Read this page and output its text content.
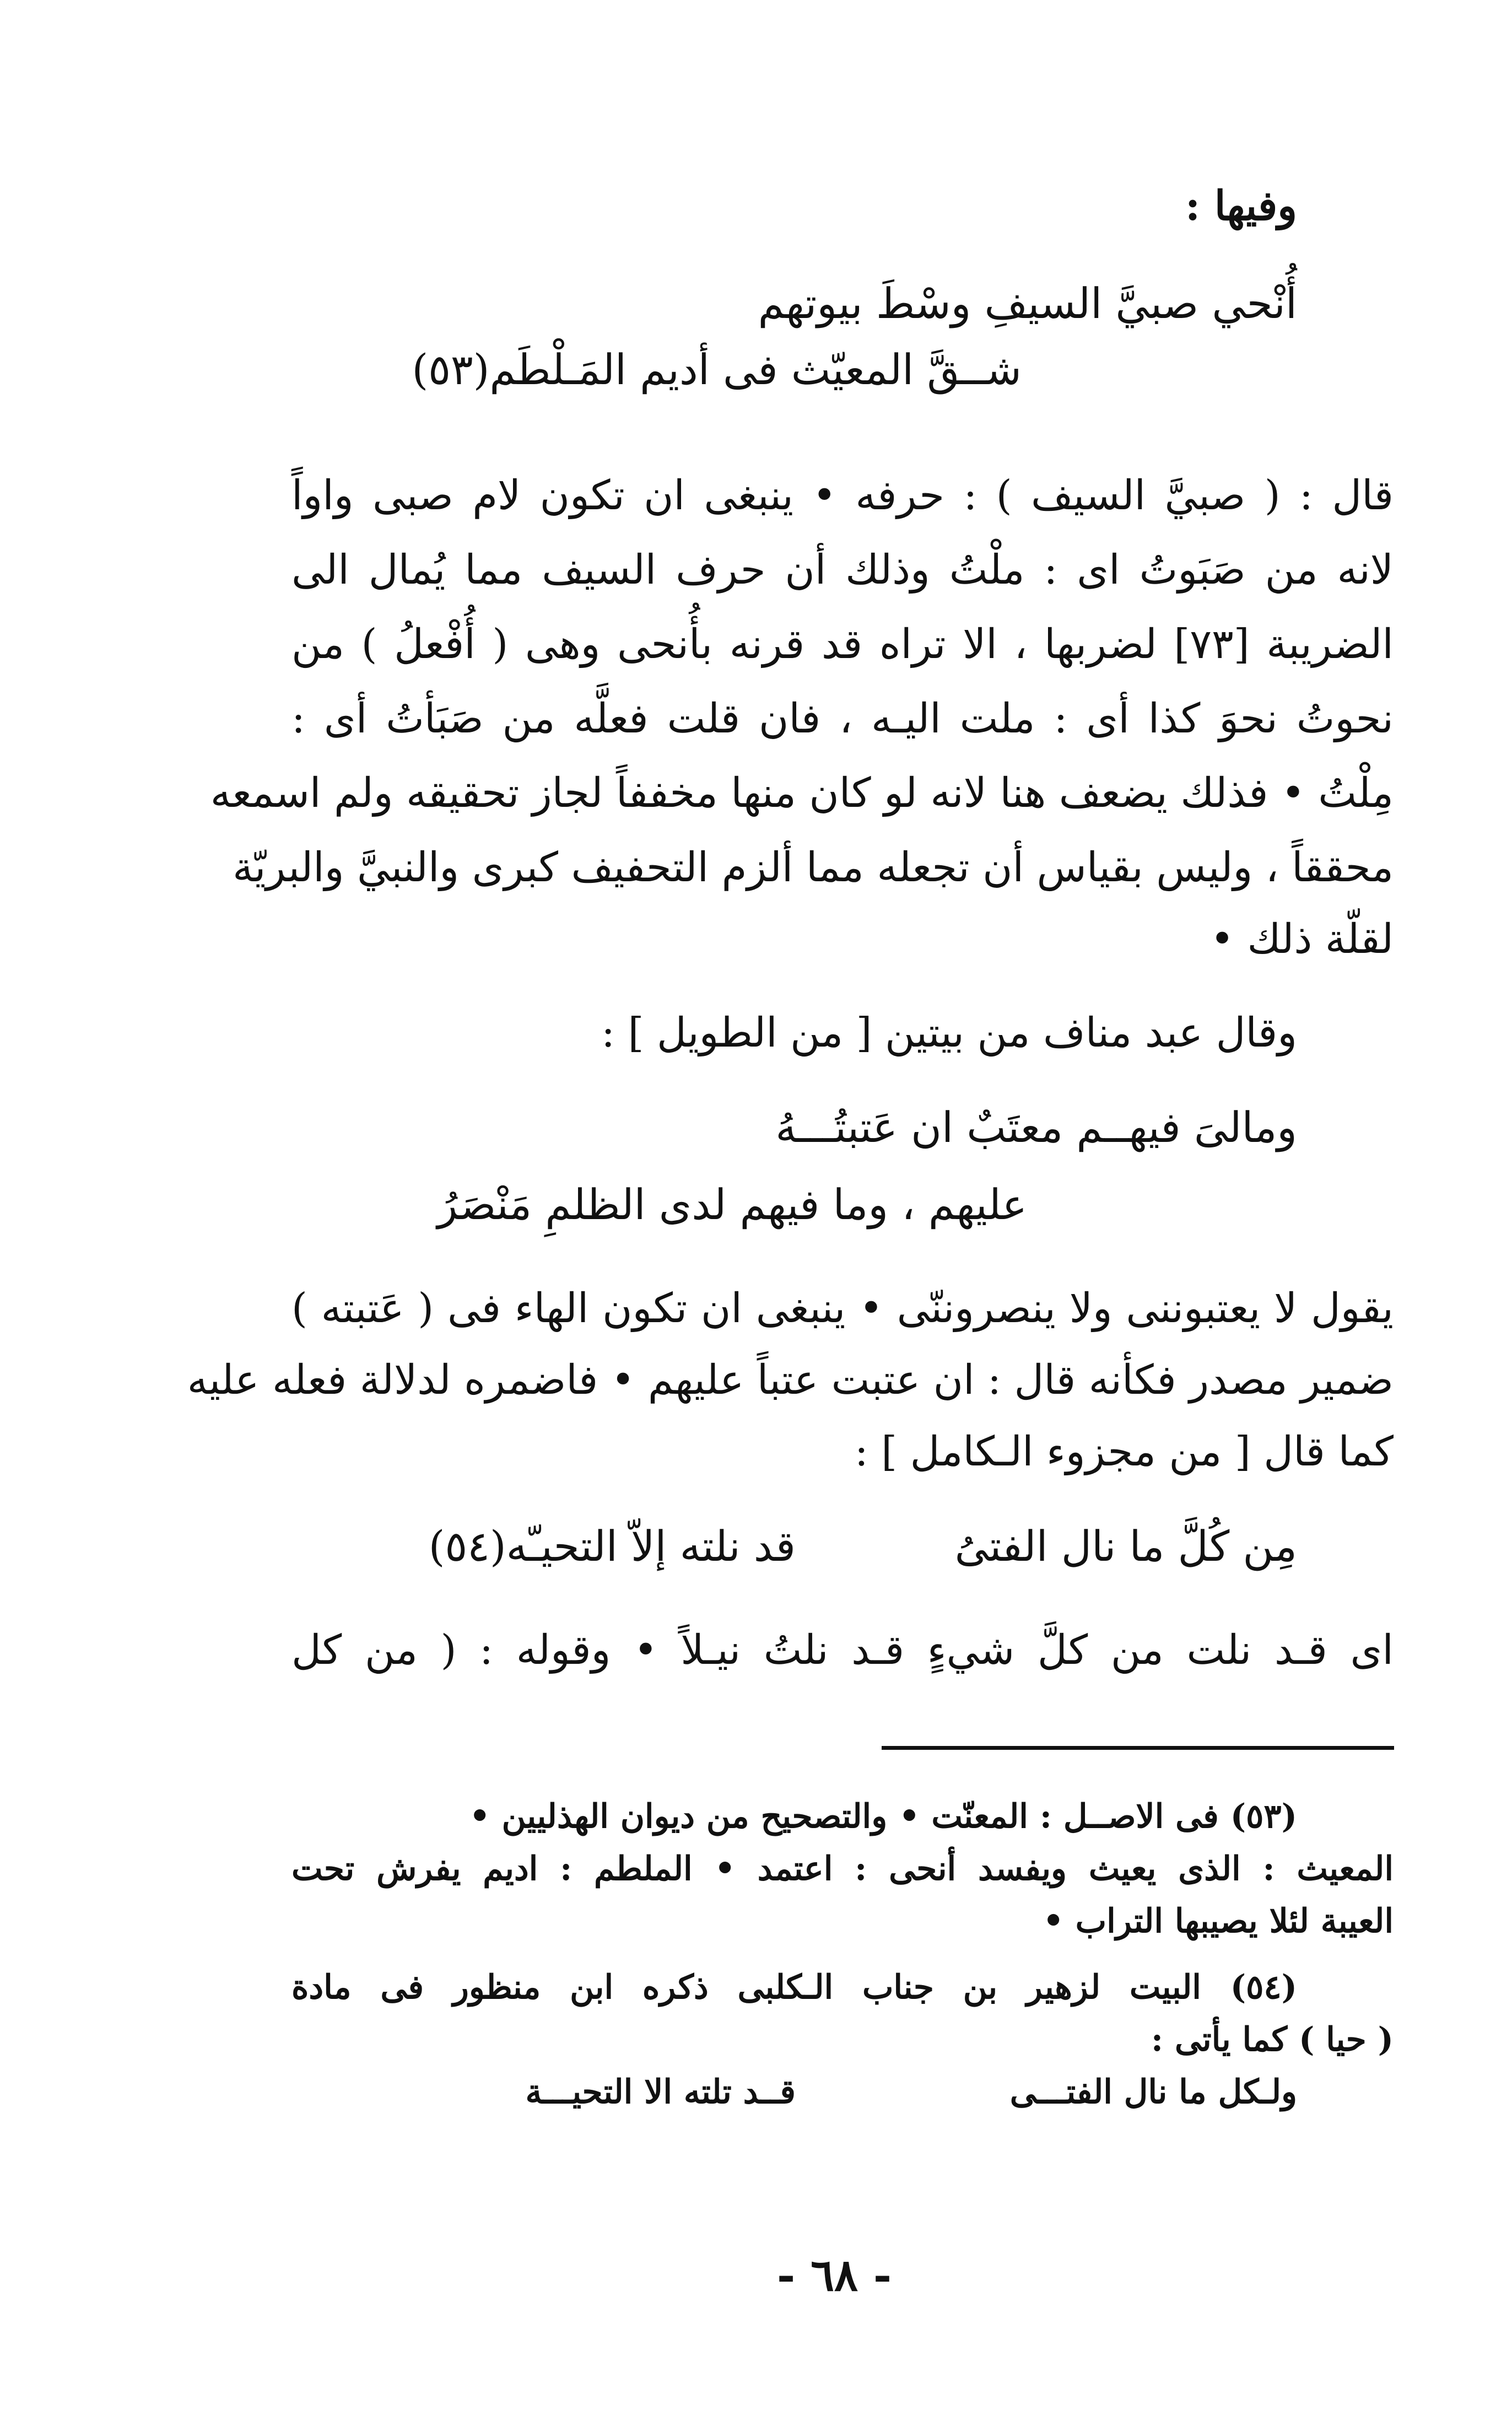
وفيها :
أُنْحي صبيَّ السيفِ وسْطَ بيوتهم
شــقَّ المعيّث فى أديم المَـلْطَم(٥٣)
قال : ( صبيَّ السيف ) : حرفه • ينبغى ان تكون لام صبى واواً
لانه من صَبَوتُ اى : ملْتُ وذلك أن حرف السيف مما يُمال الى
الضريبة [٧٣] لضربها ، الا تراه قد قرنه بأُنحى وهى ( أُفْعلُ ) من
نحوتُ نحوَ كذا أى : ملت اليـه ، فان قلت فعلَّه من صَبَأتُ أى :
مِلْتُ • فذلك يضعف هنا لانه لو كان منها مخففاً لجاز تحقيقه ولم اسمعه
محققاً ، وليس بقياس أن تجعله مما ألزم التحفيف كبرى والنبيَّ والبريّة
لقلّة ذلك •
وقال عبد مناف من بيتين [ من الطويل ] :
ومالىَ فيهــم معتَبٌ ان عَتبتُـــهُ
عليهم ، وما فيهم لدى الظلمِ مَنْصَرُ
يقول لا يعتبوننى ولا ينصروننّى • ينبغى ان تكون الهاء فى ( عَتبته )
ضمير مصدر فكأنه قال : ان عتبت عتباً عليهم • فاضمره لدلالة فعله عليه
كما قال [ من مجزوء الـكامل ] :
مِن كُلَّ ما نال الفتىُ
قد نلته إلاّ التحيـّه(٥٤)
اى قـد نلت من كلَّ شيءٍ قـد نلتُ نيـلاً • وقوله : ( من كل
(٥٣) فى الاصــل : المعنّت • والتصحيح من ديوان الهذليين •
المعيث : الذى يعيث ويفسد أنحى : اعتمد • الملطم : اديم يفرش تحت
العيبة لئلا يصيبها التراب •
(٥٤) البيت لزهير بن جناب الـكلبى ذكره ابن منظور فى مادة
( حيا ) كما يأتى :
ولـكل ما نال الفتـــى
قــد تلته الا التحيـــة
- ٦٨ -
